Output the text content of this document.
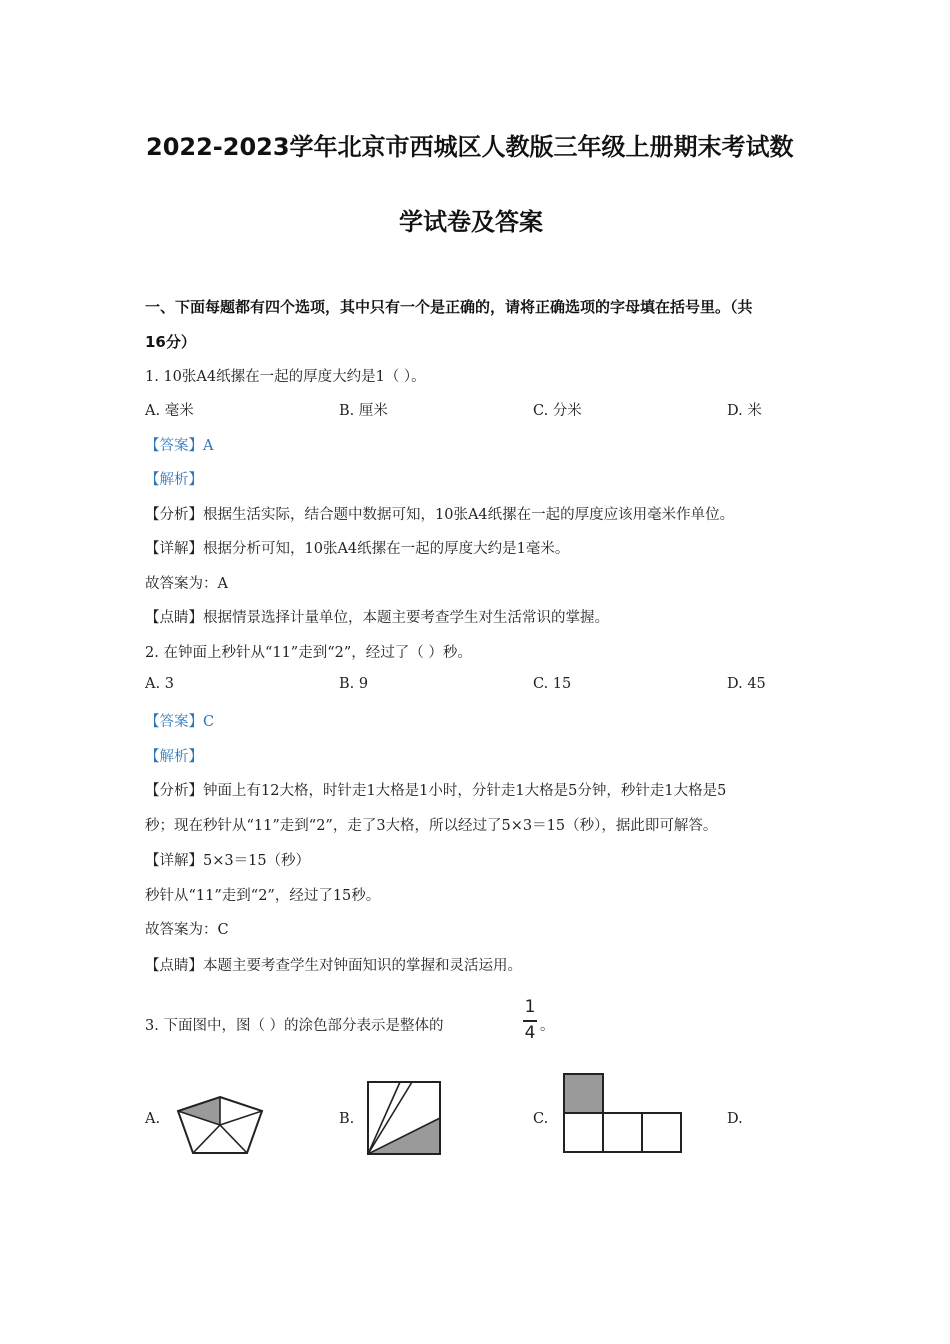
2022-2023学年北京市西城区人教版三年级上册期末考试数
学试卷及答案
一、下面每题都有四个选项，其中只有一个是正确的，请将正确选项的字母填在括号里。（共
16分）
1. 10张A4纸摞在一起的厚度大约是1（ ）。
A. 毫米	B. 厘米	C. 分米	D. 米
【答案】A
【解析】
【分析】根据生活实际，结合题中数据可知，10张A4纸摞在一起的厚度应该用毫米作单位。
【详解】根据分析可知，10张A4纸摞在一起的厚度大约是1毫米。
故答案为：A
【点睛】根据情景选择计量单位，本题主要考查学生对生活常识的掌握。
2. 在钟面上秒针从“11”走到“2”，经过了（ ）秒。
A. 3	B. 9	C. 15	D. 45
【答案】C
【解析】
【分析】钟面上有12大格，时针走1大格是1小时，分针走1大格是5分钟，秒针走1大格是5
秒；现在秒针从“11”走到“2”，走了3大格，所以经过了5×3＝15（秒），据此即可解答。
【详解】5×3＝15（秒）
秒针从“11”走到“2”，经过了15秒。
故答案为：C
【点睛】本题主要考查学生对钟面知识的掌握和灵活运用。
3. 下面图中，图（ ）的涂色部分表示是整体的
1
4 。
A.	B.	C.	D.
